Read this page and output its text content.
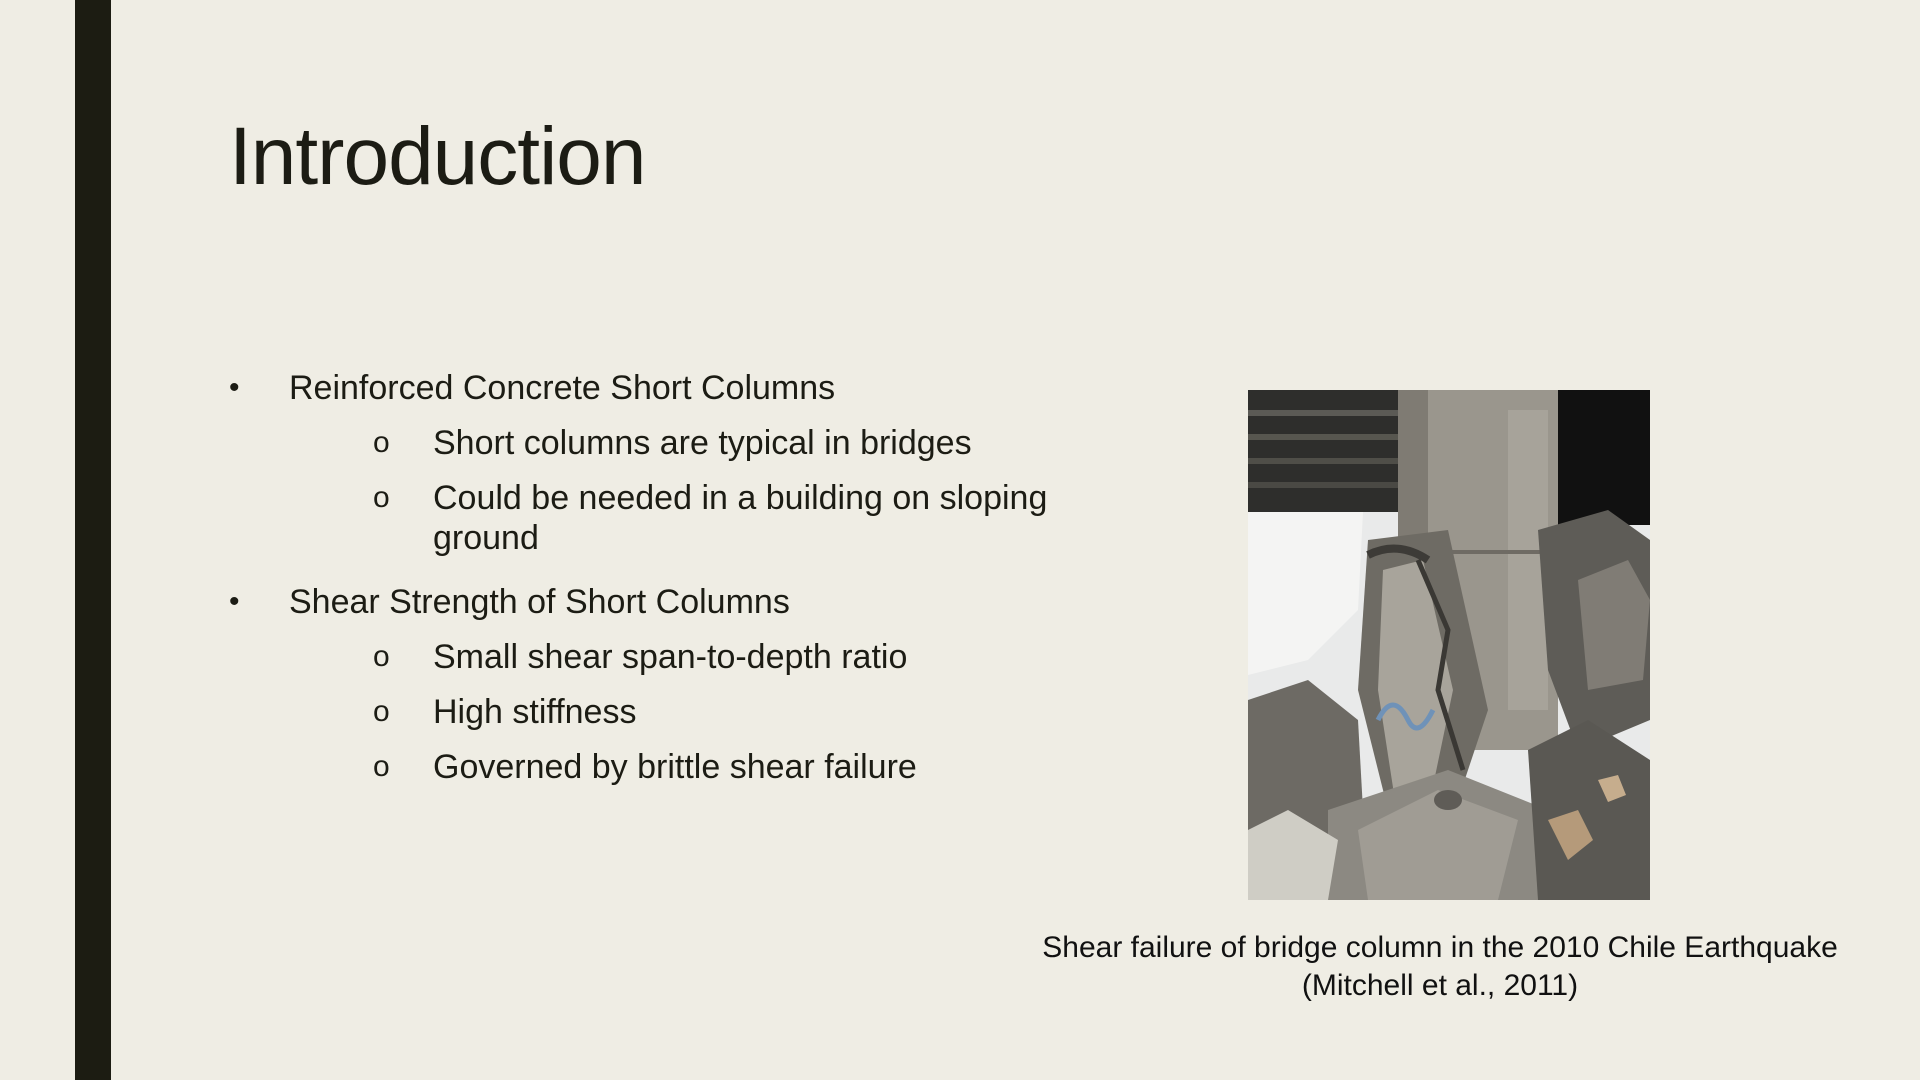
Introduction
• Reinforced Concrete Short Columns
o Short columns are typical in bridges
o Could be needed in a building on sloping ground
• Shear Strength of Short Columns
o Small shear span-to-depth ratio
o High stiffness
o Governed by brittle shear failure
Shear failure of bridge column in the 2010 Chile Earthquake
(Mitchell et al., 2011)
